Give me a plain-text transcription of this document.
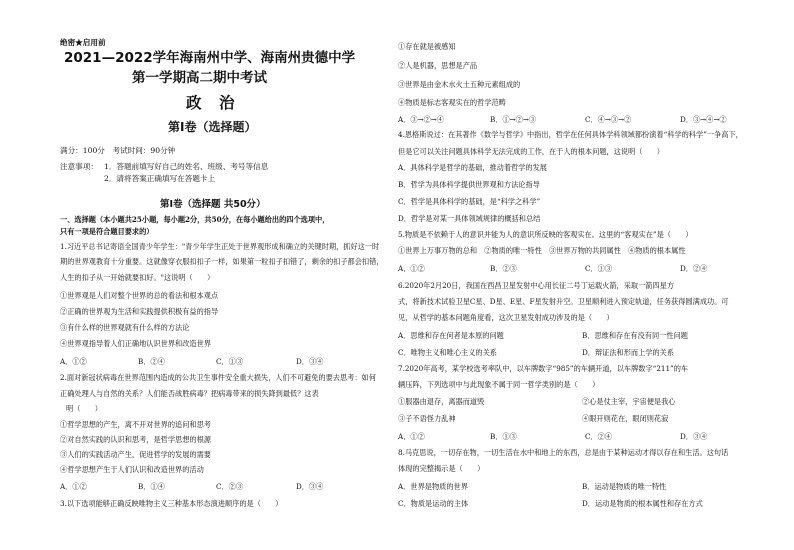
绝密★启用前
2021—2022学年海南州中学、海南州贵德中学
第一学期高二期中考试
政　治
第Ⅰ卷（选择题）
满分：100分　考试时间：90分钟
注意事项： 1．答题前填写好自己的姓名、班级、考号等信息
2．请将答案正确填写在答题卡上
第Ⅰ卷（选择题 共50分）
一、选择题（本小题共25小题，每小题2分，共50分，在每小题给出的四个选项中，
只有一项是符合题目要求的）
1.习近平总书记寄语全国青少年学生："青少年学生正处于世界观形成和确立的关键时期，抓好这一时
期的世界观教育十分重要。这就像穿衣服扣扣子一样，如果第一粒扣子扣错了，剩余的扣子都会扣错，
人生的扣子从一开始就要扣好。"这说明（　　）
①世界观是人们对整个世界的总的看法和根本观点
②正确的世界观为生活和实践提供积极有益的指导
③有什么样的世界观就有什么样的方法论
④世界观指导着人们正确地认识世界和改造世界
A．①②	B．②④	C．①③	D．③④
2.面对新冠状病毒在世界范围内造成的公共卫生事件安全重大损失，人们不可避免的要去思考：如何
正确处理人与自然的关系？人们能否战胜病毒？把病毒带来的损失降到最低？这表
明（　　）
①哲学思想的产生，离不开对世界的追问和思考
②对自然实践的认识和思考，是哲学思想的根源
③人们的实践活动产生，促进哲学的发展的需要
④哲学思想产生于人们认识和改造世界的活动
A．①②	B．①④	C．②③	D．③④
3.以下选项能够正确反映唯物主义三种基本形态演进顺序的是（　　）
①存在就是被感知
②人是机器，思想是产品
③世界是由金木水火土五种元素组成的
④物质是标志客观实在的哲学范畴
A．③→②→④	B．①→②→③	C．④→③→②	D．③→④→②
4.恩格斯说过：在其著作《数学与哲学》中指出，哲学在任何具体学科领域都扮演着“科学的科学”一争高下，
但是它可以关注问题具体科学无法完成的工作，在于人的根本问题，这说明（　　）
A．具体科学是哲学的基础，推动着哲学的发展
B．哲学为具体科学提供世界观和方法论指导
C．哲学是具体科学的基础，是“科学之科学”
D．哲学是对某一具体领域规律的概括和总结
5.物质是不依赖于人的意识并能为人的意识所反映的客观实在。这里的“客观实在”是（　　）
①世界上万事万物的总和　②物质的唯一特性　③世界万物的共同属性　④物质的根本属性
A．①②	B．②③	C．①③	D．②④
6.2020年2月20日，我国在西昌卫星发射中心用长征二号丁运载火箭，采取一箭四星方
式，将新技术试验卫星C星、D星、E星、F星发射升空。卫星顺利进入预定轨道，任务获得圆满成功。可
见，从哲学的基本问题角度看，这次卫星发射成功涉及的是（　　）
A．思维和存在何者是本原的问题	B．思维和存在有没有同一性问题
C．唯物主义和唯心主义的关系	D．辩证法和形而上学的关系
7.2020年高考，某学校选考率队中，以车牌数字“985”的车辆开道，以车牌数字“211”的车
辆压阵，下列选项中与此现象不属于同一哲学类别的是（　　）
①服器由退存，离器而道毁	②心是仗主宰，宇宙便是我心
③子不语怪力乱神	④眼开则花在，眼闭则花寂
A．①②	B．①③	C．②④	D．③④
8.马克思说，一切存在物，一切生活在水中和地上的东西，总是由于某种运动才得以存在和生活。这句话
体现的完整揭示是（　　）
A．世界是物质的世界	B．运动是物质的唯一特性
C．物质是运动的主体	D．运动是物质的根本属性和存在方式
